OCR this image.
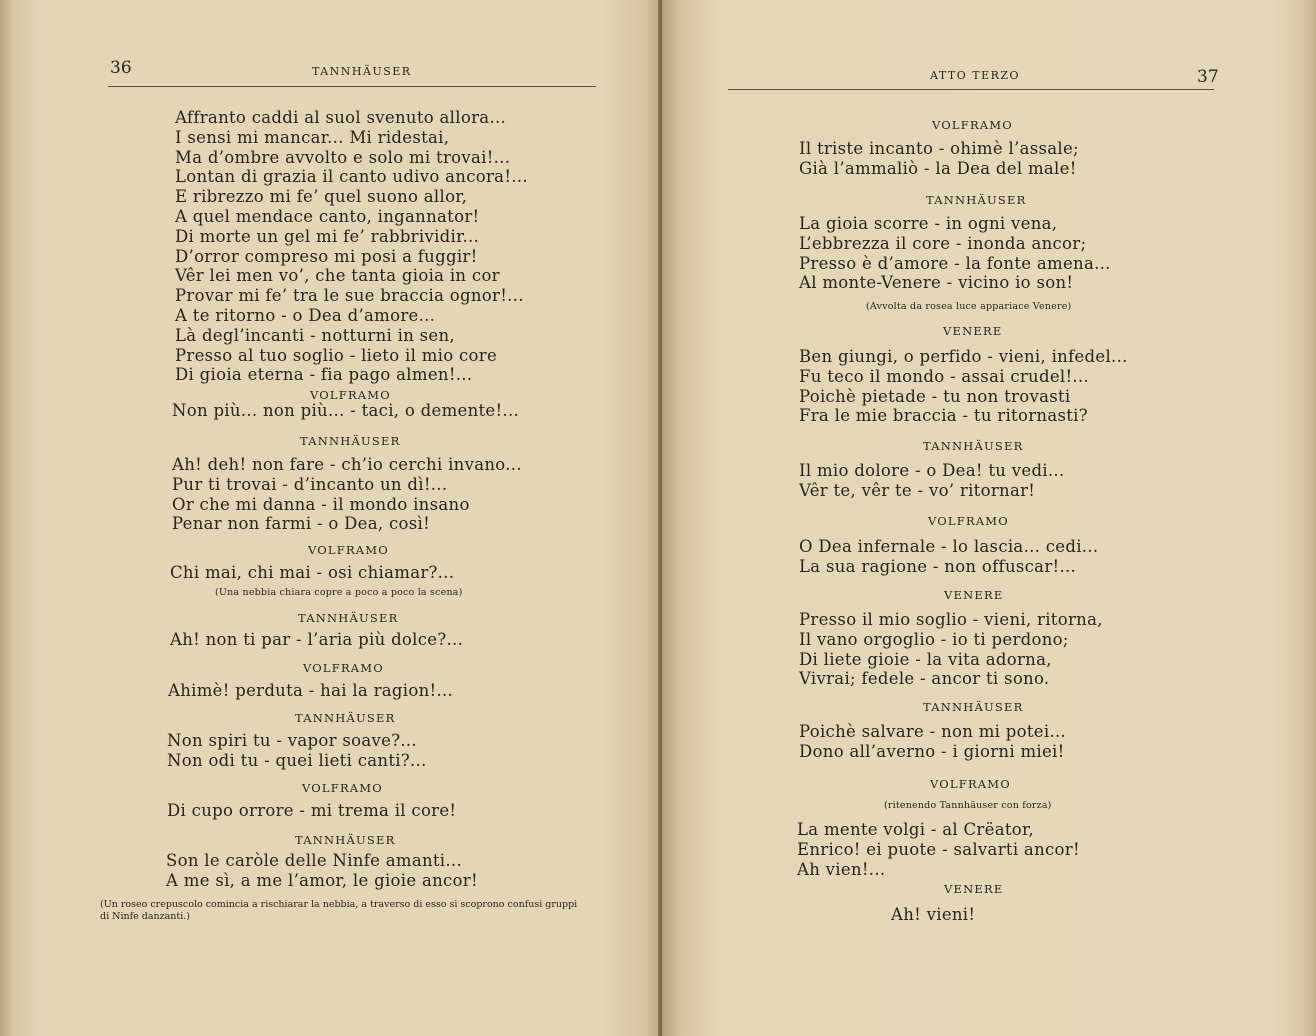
36	TANNHÄUSER
Affranto caddi al suol svenuto allora...
I sensi mi mancar... Mi ridestai,
Ma d’ombre avvolto e solo mi trovai!...
Lontan di grazia il canto udivo ancora!...
E ribrezzo mi fe’ quel suono allor,
A quel mendace canto, ingannator!
Di morte un gel mi fe’ rabbrividir...
D’orror compreso mi posi a fuggir!
Vêr lei men vo’, che tanta gioia in cor
Provar mi fe’ tra le sue braccia ognor!...
A te ritorno - o Dea d’amore...
Là degl’incanti - notturni in sen,
Presso al tuo soglio - lieto il mio core
Di gioia eterna - fia pago almen!...
VOLFRAMO
Non più... non più... - taci, o demente!...
TANNHÄUSER
Ah! deh! non fare - ch’io cerchi invano...
Pur ti trovai - d’incanto un dì!...
Or che mi danna - il mondo insano
Penar non farmi - o Dea, così!
VOLFRAMO
Chi mai, chi mai - osi chiamar?...
(Una nebbia chiara copre a poco a poco la scena)
TANNHÄUSER
Ah! non ti par - l’aria più dolce?...
VOLFRAMO
Ahimè! perduta - hai la ragion!...
TANNHÄUSER
Non spiri tu - vapor soave?...
Non odi tu - quei lieti canti?...
VOLFRAMO
Di cupo orrore - mi trema il core!
TANNHÄUSER
Son le caròle delle Ninfe amanti...
A me sì, a me l’amor, le gioie ancor!
(Un roseo crepuscolo comincia a rischiarar la nebbia, a traverso di esso si scoprono confusi gruppi di Ninfe danzanti.)
ATTO TERZO	37
VOLFRAMO
Il triste incanto - ohimè l’assale;
Già l’ammaliò - la Dea del male!
TANNHÄUSER
La gioia scorre - in ogni vena,
L’ebbrezza il core - inonda ancor;
Presso è d’amore - la fonte amena...
Al monte-Venere - vicino io son!
(Avvolta da rosea luce appariace Venere)
VENERE
Ben giungi, o perfido - vieni, infedel...
Fu teco il mondo - assai crudel!...
Poichè pietade - tu non trovasti
Fra le mie braccia - tu ritornasti?
TANNHÄUSER
Il mio dolore - o Dea! tu vedi...
Vêr te, vêr te - vo’ ritornar!
VOLFRAMO
O Dea infernale - lo lascia... cedi...
La sua ragione - non offuscar!...
VENERE
Presso il mio soglio - vieni, ritorna,
Il vano orgoglio - io ti perdono;
Di liete gioie - la vita adorna,
Vivrai; fedele - ancor ti sono.
TANNHÄUSER
Poichè salvare - non mi potei...
Dono all’averno - i giorni miei!
VOLFRAMO
(ritenendo Tannhäuser con forza)
La mente volgi - al Crëator,
Enrico! ei puote - salvarti ancor!
Ah vien!...
VENERE
Ah! vieni!
